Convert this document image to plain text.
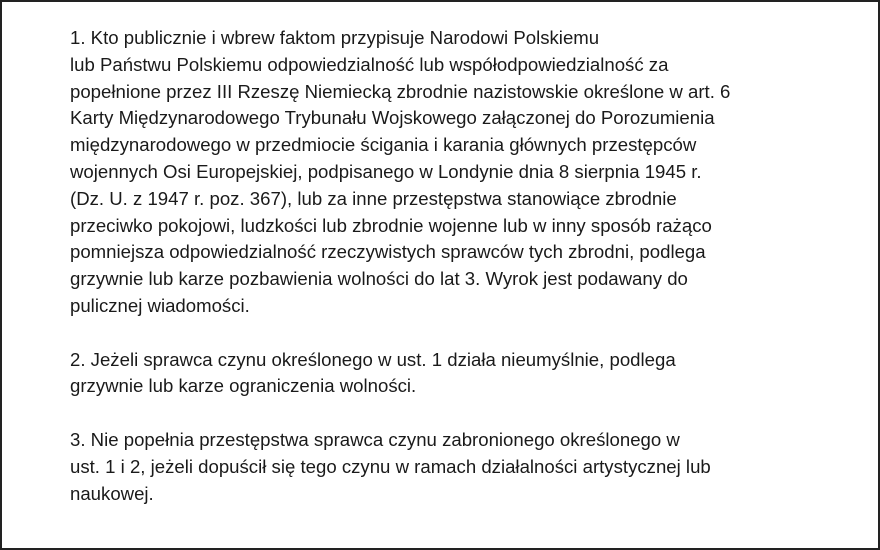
1. Kto publicznie i wbrew faktom przypisuje Narodowi Polskiemu
lub Państwu Polskiemu odpowiedzialność lub współodpowiedzialność za
popełnione przez III Rzeszę Niemiecką zbrodnie nazistowskie określone w art. 6
Karty Międzynarodowego Trybunału Wojskowego załączonej do Porozumienia
międzynarodowego w przedmiocie ścigania i karania głównych przestępców
wojennych Osi Europejskiej, podpisanego w Londynie dnia 8 sierpnia 1945 r.
(Dz. U. z 1947 r. poz. 367), lub za inne przestępstwa stanowiące zbrodnie
przeciwko pokojowi, ludzkości lub zbrodnie wojenne lub w inny sposób rażąco
pomniejsza odpowiedzialność rzeczywistych sprawców tych zbrodni, podlega
grzywnie lub karze pozbawienia wolności do lat 3. Wyrok jest podawany do
pulicznej wiadomości.

2. Jeżeli sprawca czynu określonego w ust. 1 działa nieumyślnie, podlega
grzywnie lub karze ograniczenia wolności.

3. Nie popełnia przestępstwa sprawca czynu zabronionego określonego w
ust. 1 i 2, jeżeli dopuścił się tego czynu w ramach działalności artystycznej lub
naukowej.
